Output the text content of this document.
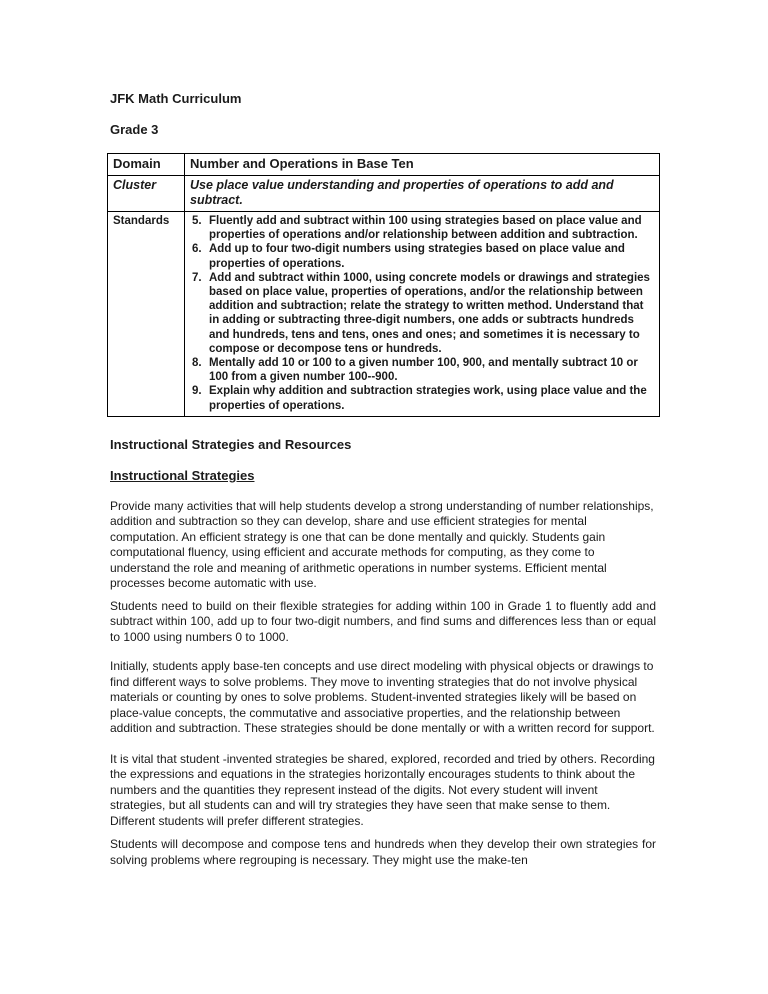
JFK Math Curriculum
Grade 3
Domain	Number and Operations in Base Ten
Cluster	Use place value understanding and properties of operations to add and subtract.
Standards	5. Fluently add and subtract within 100 using strategies based on place value and properties of operations and/or relationship between addition and subtraction.
6. Add up to four two-digit numbers using strategies based on place value and properties of operations.
7. Add and subtract within 1000, using concrete models or drawings and strategies based on place value, properties of operations, and/or the relationship between addition and subtraction; relate the strategy to written method. Understand that in adding or subtracting three-digit numbers, one adds or subtracts hundreds and hundreds, tens and tens, ones and ones; and sometimes it is necessary to compose or decompose tens or hundreds.
8. Mentally add 10 or 100 to a given number 100, 900, and mentally subtract 10 or 100 from a given number 100--900.
9. Explain why addition and subtraction strategies work, using place value and the properties of operations.
Instructional Strategies and Resources
Instructional Strategies

Provide many activities that will help students develop a strong understanding of number relationships, addition and subtraction so they can develop, share and use efficient strategies for mental computation. An efficient strategy is one that can be done mentally and quickly. Students gain computational fluency, using efficient and accurate methods for computing, as they come to understand the role and meaning of arithmetic operations in number systems. Efficient mental processes become automatic with use.

Students need to build on their flexible strategies for adding within 100 in Grade 1 to fluently add and subtract within 100, add up to four two-digit numbers, and find sums and differences less than or equal to 1000 using numbers 0 to 1000.

Initially, students apply base-ten concepts and use direct modeling with physical objects or drawings to find different ways to solve problems. They move to inventing strategies that do not involve physical materials or counting by ones to solve problems. Student-invented strategies likely will be based on place-value concepts, the commutative and associative properties, and the relationship between addition and subtraction. These strategies should be done mentally or with a written record for support.

It is vital that student -invented strategies be shared, explored, recorded and tried by others. Recording the expressions and equations in the strategies horizontally encourages students to think about the numbers and the quantities they represent instead of the digits. Not every student will invent strategies, but all students can and will try strategies they have seen that make sense to them. Different students will prefer different strategies.

Students will decompose and compose tens and hundreds when they develop their own strategies for solving problems where regrouping is necessary. They might use the make-ten
